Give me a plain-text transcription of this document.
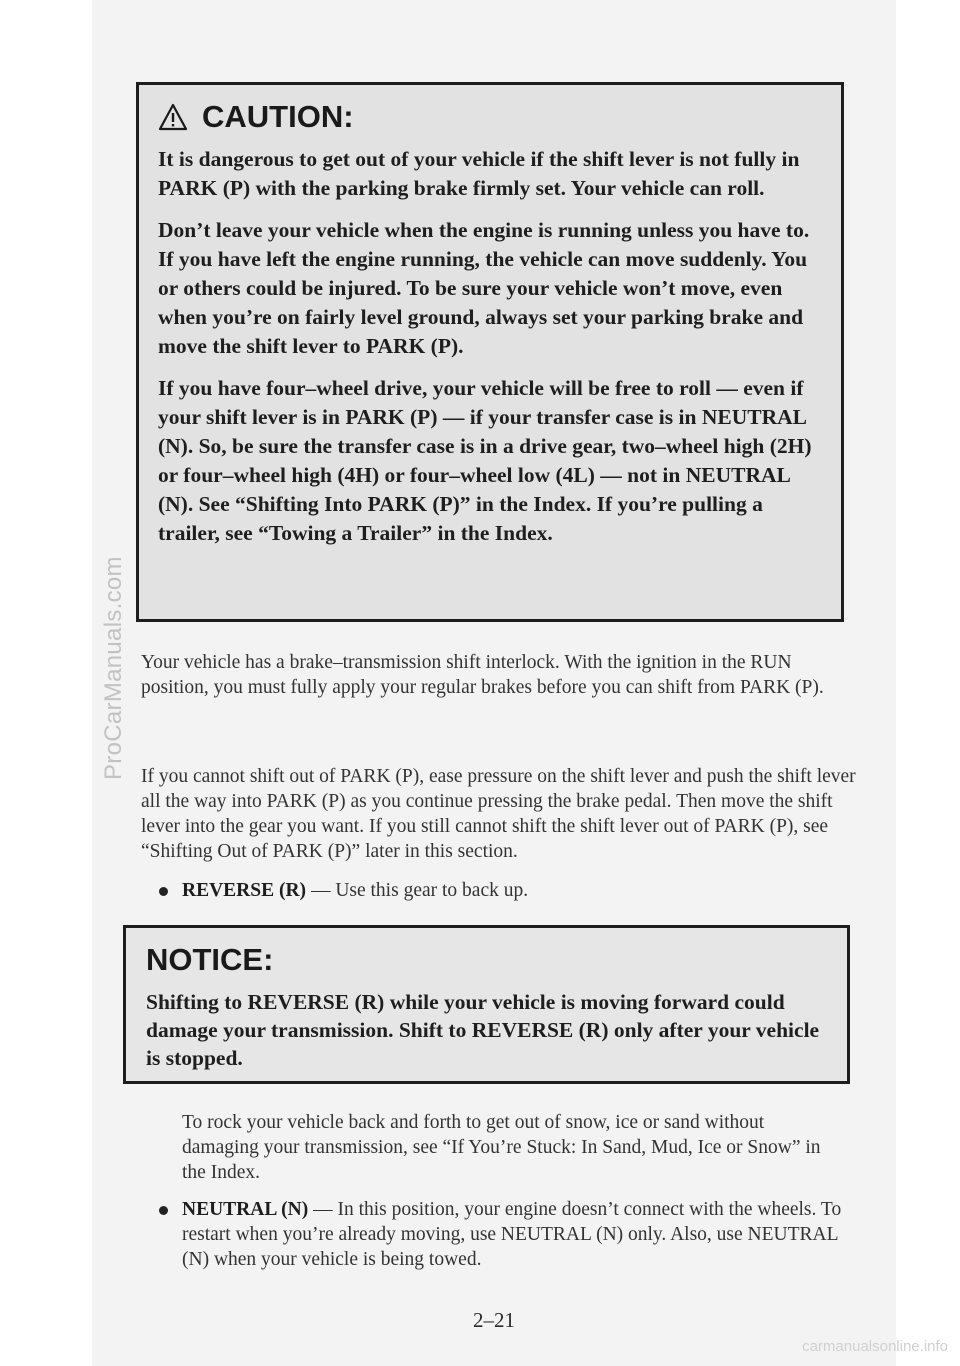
ProCarManuals.com
CAUTION:

It is dangerous to get out of your vehicle if the shift lever is not fully in PARK (P) with the parking brake firmly set. Your vehicle can roll.

Don’t leave your vehicle when the engine is running unless you have to. If you have left the engine running, the vehicle can move suddenly. You or others could be injured. To be sure your vehicle won’t move, even when you’re on fairly level ground, always set your parking brake and move the shift lever to PARK (P).

If you have four–wheel drive, your vehicle will be free to roll — even if your shift lever is in PARK (P) — if your transfer case is in NEUTRAL (N). So, be sure the transfer case is in a drive gear, two–wheel high (2H) or four–wheel high (4H) or four–wheel low (4L) — not in NEUTRAL (N). See “Shifting Into PARK (P)” in the Index. If you’re pulling a trailer, see “Towing a Trailer” in the Index.

Your vehicle has a brake–transmission shift interlock. With the ignition in the RUN position, you must fully apply your regular brakes before you can shift from PARK (P).

If you cannot shift out of PARK (P), ease pressure on the shift lever and push the shift lever all the way into PARK (P) as you continue pressing the brake pedal. Then move the shift lever into the gear you want. If you still cannot shift the shift lever out of PARK (P), see “Shifting Out of PARK (P)” later in this section.

REVERSE (R) — Use this gear to back up.
NOTICE:

Shifting to REVERSE (R) while your vehicle is moving forward could damage your transmission. Shift to REVERSE (R) only after your vehicle is stopped.

To rock your vehicle back and forth to get out of snow, ice or sand without damaging your transmission, see “If You’re Stuck: In Sand, Mud, Ice or Snow” in the Index.

NEUTRAL (N) — In this position, your engine doesn’t connect with the wheels. To restart when you’re already moving, use NEUTRAL (N) only. Also, use NEUTRAL (N) when your vehicle is being towed.
2–21
carmanualsonline.info
